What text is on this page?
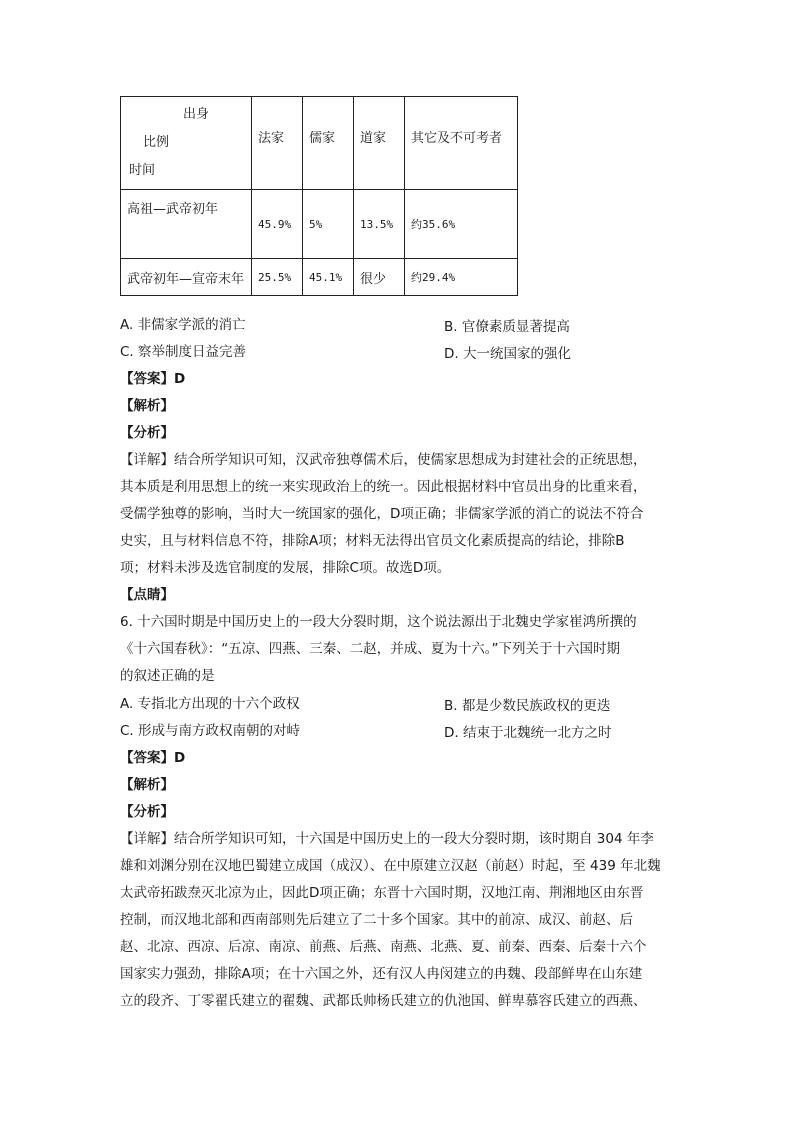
出身
比例
时间	法家	儒家	道家	其它及不可考者
高祖—武帝初年	45.9%	5%	13.5%	约35.6%
武帝初年—宣帝末年	25.5%	45.1%	很少	约29.4%
A. 非儒家学派的消亡	B. 官僚素质显著提高
C. 察举制度日益完善	D. 大一统国家的强化
【答案】D
【解析】
【分析】
【详解】结合所学知识可知，汉武帝独尊儒术后，使儒家思想成为封建社会的正统思想，
其本质是利用思想上的统一来实现政治上的统一。因此根据材料中官员出身的比重来看，
受儒学独尊的影响，当时大一统国家的强化，D项正确；非儒家学派的消亡的说法不符合
史实，且与材料信息不符，排除A项；材料无法得出官员文化素质提高的结论，排除B
项；材料未涉及选官制度的发展，排除C项。故选D项。
【点睛】
6. 十六国时期是中国历史上的一段大分裂时期，这个说法源出于北魏史学家崔鸿所撰的
《十六国春秋》：“五凉、四燕、三秦、二赵，并成、夏为十六。”下列关于十六国时期
的叙述正确的是
A. 专指北方出现的十六个政权	B. 都是少数民族政权的更迭
C. 形成与南方政权南朝的对峙	D. 结束于北魏统一北方之时
【答案】D
【解析】
【分析】
【详解】结合所学知识可知，十六国是中国历史上的一段大分裂时期，该时期自 304 年李
雄和刘渊分别在汉地巴蜀建立成国（成汉）、在中原建立汉赵（前赵）时起，至 439 年北魏
太武帝拓跋焘灭北凉为止，因此D项正确；东晋十六国时期，汉地江南、荆湘地区由东晋
控制，而汉地北部和西南部则先后建立了二十多个国家。其中的前凉、成汉、前赵、后
赵、北凉、西凉、后凉、南凉、前燕、后燕、南燕、北燕、夏、前秦、西秦、后秦十六个
国家实力强劲，排除A项；在十六国之外，还有汉人冉闵建立的冉魏、段部鲜卑在山东建
立的段齐、丁零翟氏建立的翟魏、武都氐帅杨氏建立的仇池国、鲜卑慕容氏建立的西燕、
